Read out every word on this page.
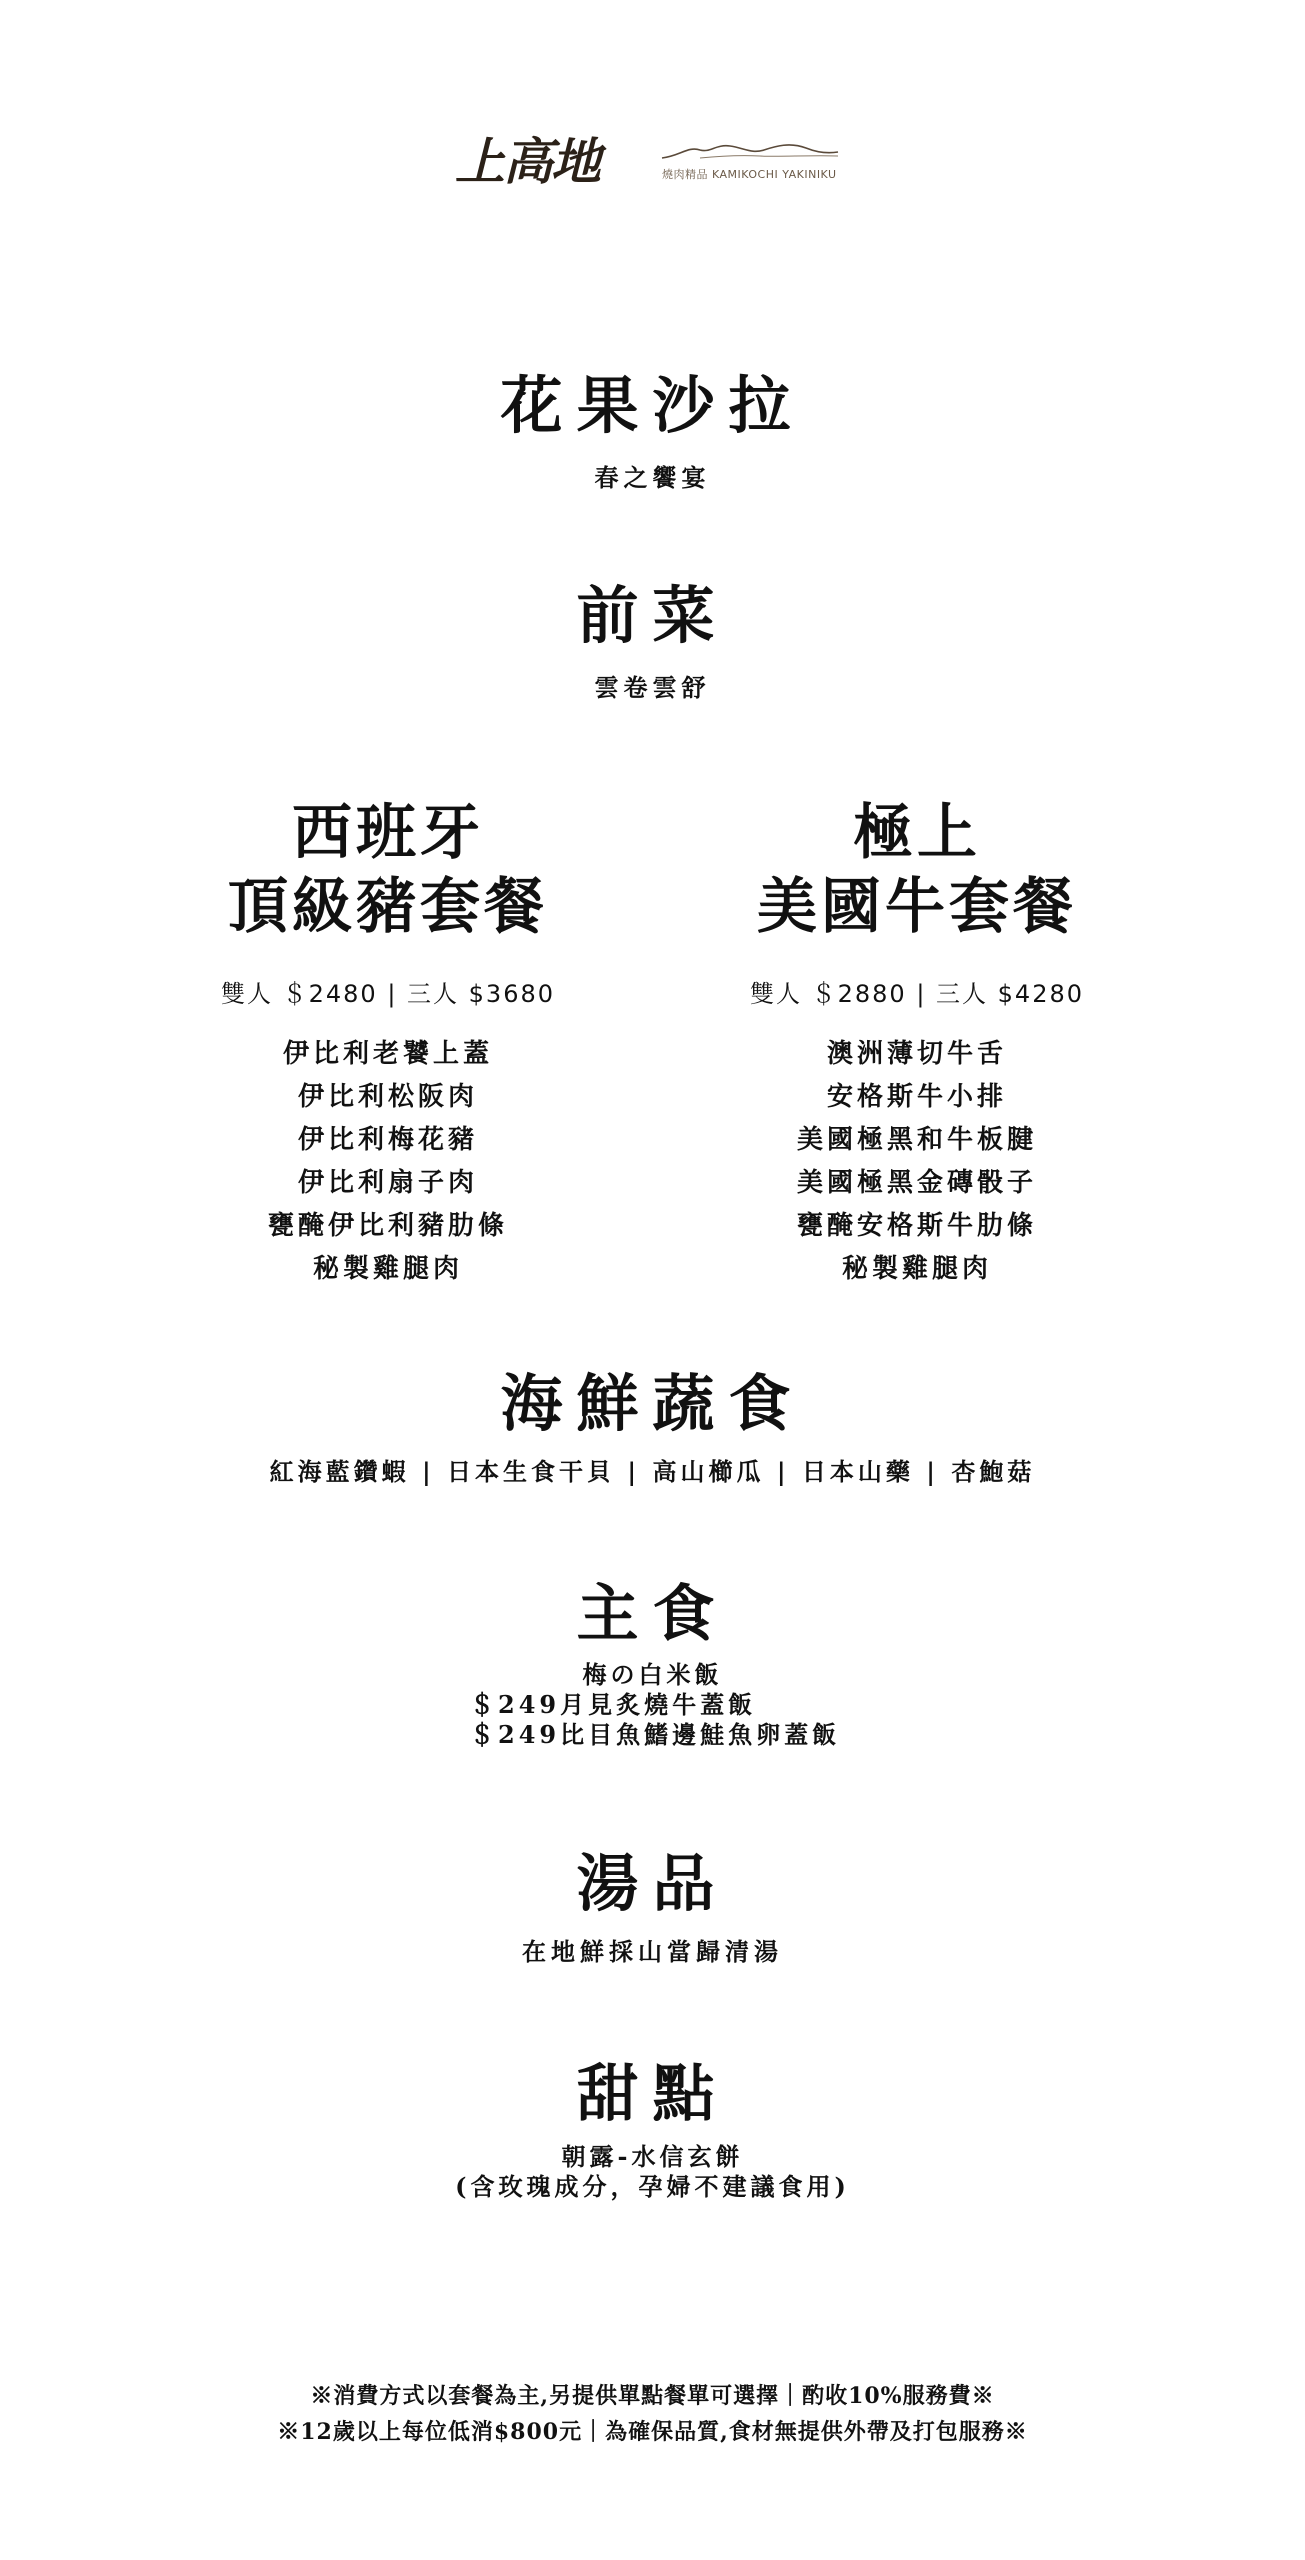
上高地	燒肉精品 KAMIKOCHI YAKINIKU
花果沙拉
春之饗宴
前菜
雲卷雲舒
西班牙
頂級豬套餐
雙人 ＄2480 | 三人 $3680
伊比利老饕上蓋
伊比利松阪肉
伊比利梅花豬
伊比利扇子肉
甕醃伊比利豬肋條
秘製雞腿肉
極上
美國牛套餐
雙人 ＄2880 | 三人 $4280
澳洲薄切牛舌
安格斯牛小排
美國極黑和牛板腱
美國極黑金磚骰子
甕醃安格斯牛肋條
秘製雞腿肉
海鮮蔬食
紅海藍鑽蝦 | 日本生食干貝 | 高山櫛瓜 | 日本山藥 | 杏鮑菇
主食
梅の白米飯
＄249月見炙燒牛蓋飯
＄249比目魚鰭邊鮭魚卵蓋飯
湯品
在地鮮採山當歸清湯
甜點
朝露-水信玄餅
(含玫瑰成分，孕婦不建議食用)
※消費方式以套餐為主,另提供單點餐單可選擇｜酌收10%服務費※
※12歲以上每位低消$800元｜為確保品質,食材無提供外帶及打包服務※
